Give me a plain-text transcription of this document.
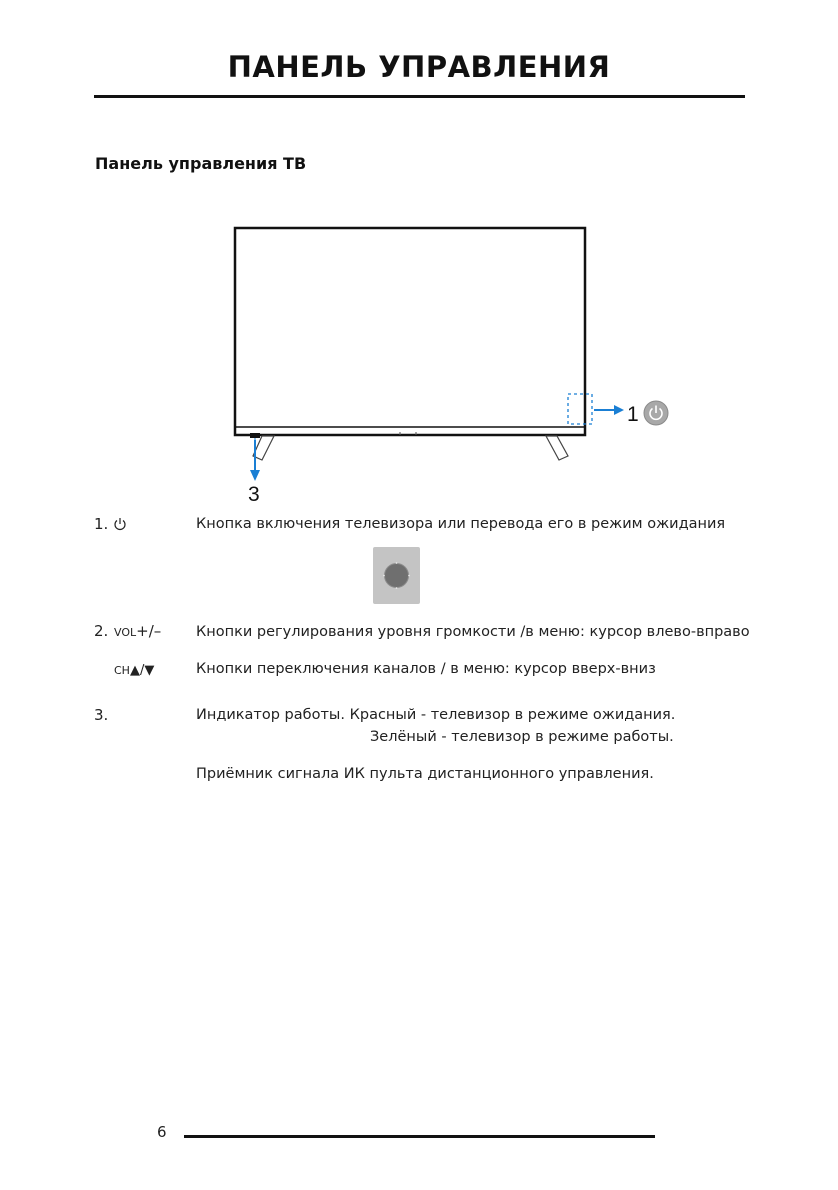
ПАНЕЛЬ УПРАВЛЕНИЯ
Панель управления ТВ
1
3
1.	Кнопка включения телевизора или перевода его в режим ожидания
2. VOL+/– Кнопки регулирования уровня громкости /в меню: курсор влево-вправо
CH▲/▼	Кнопки переключения каналов / в меню: курсор вверх-вниз
3.	Индикатор работы. Красный - телевизор в режиме ожидания.
Зелёный - телевизор в режиме работы.
Приёмник сигнала ИК пульта дистанционного управления.
6
